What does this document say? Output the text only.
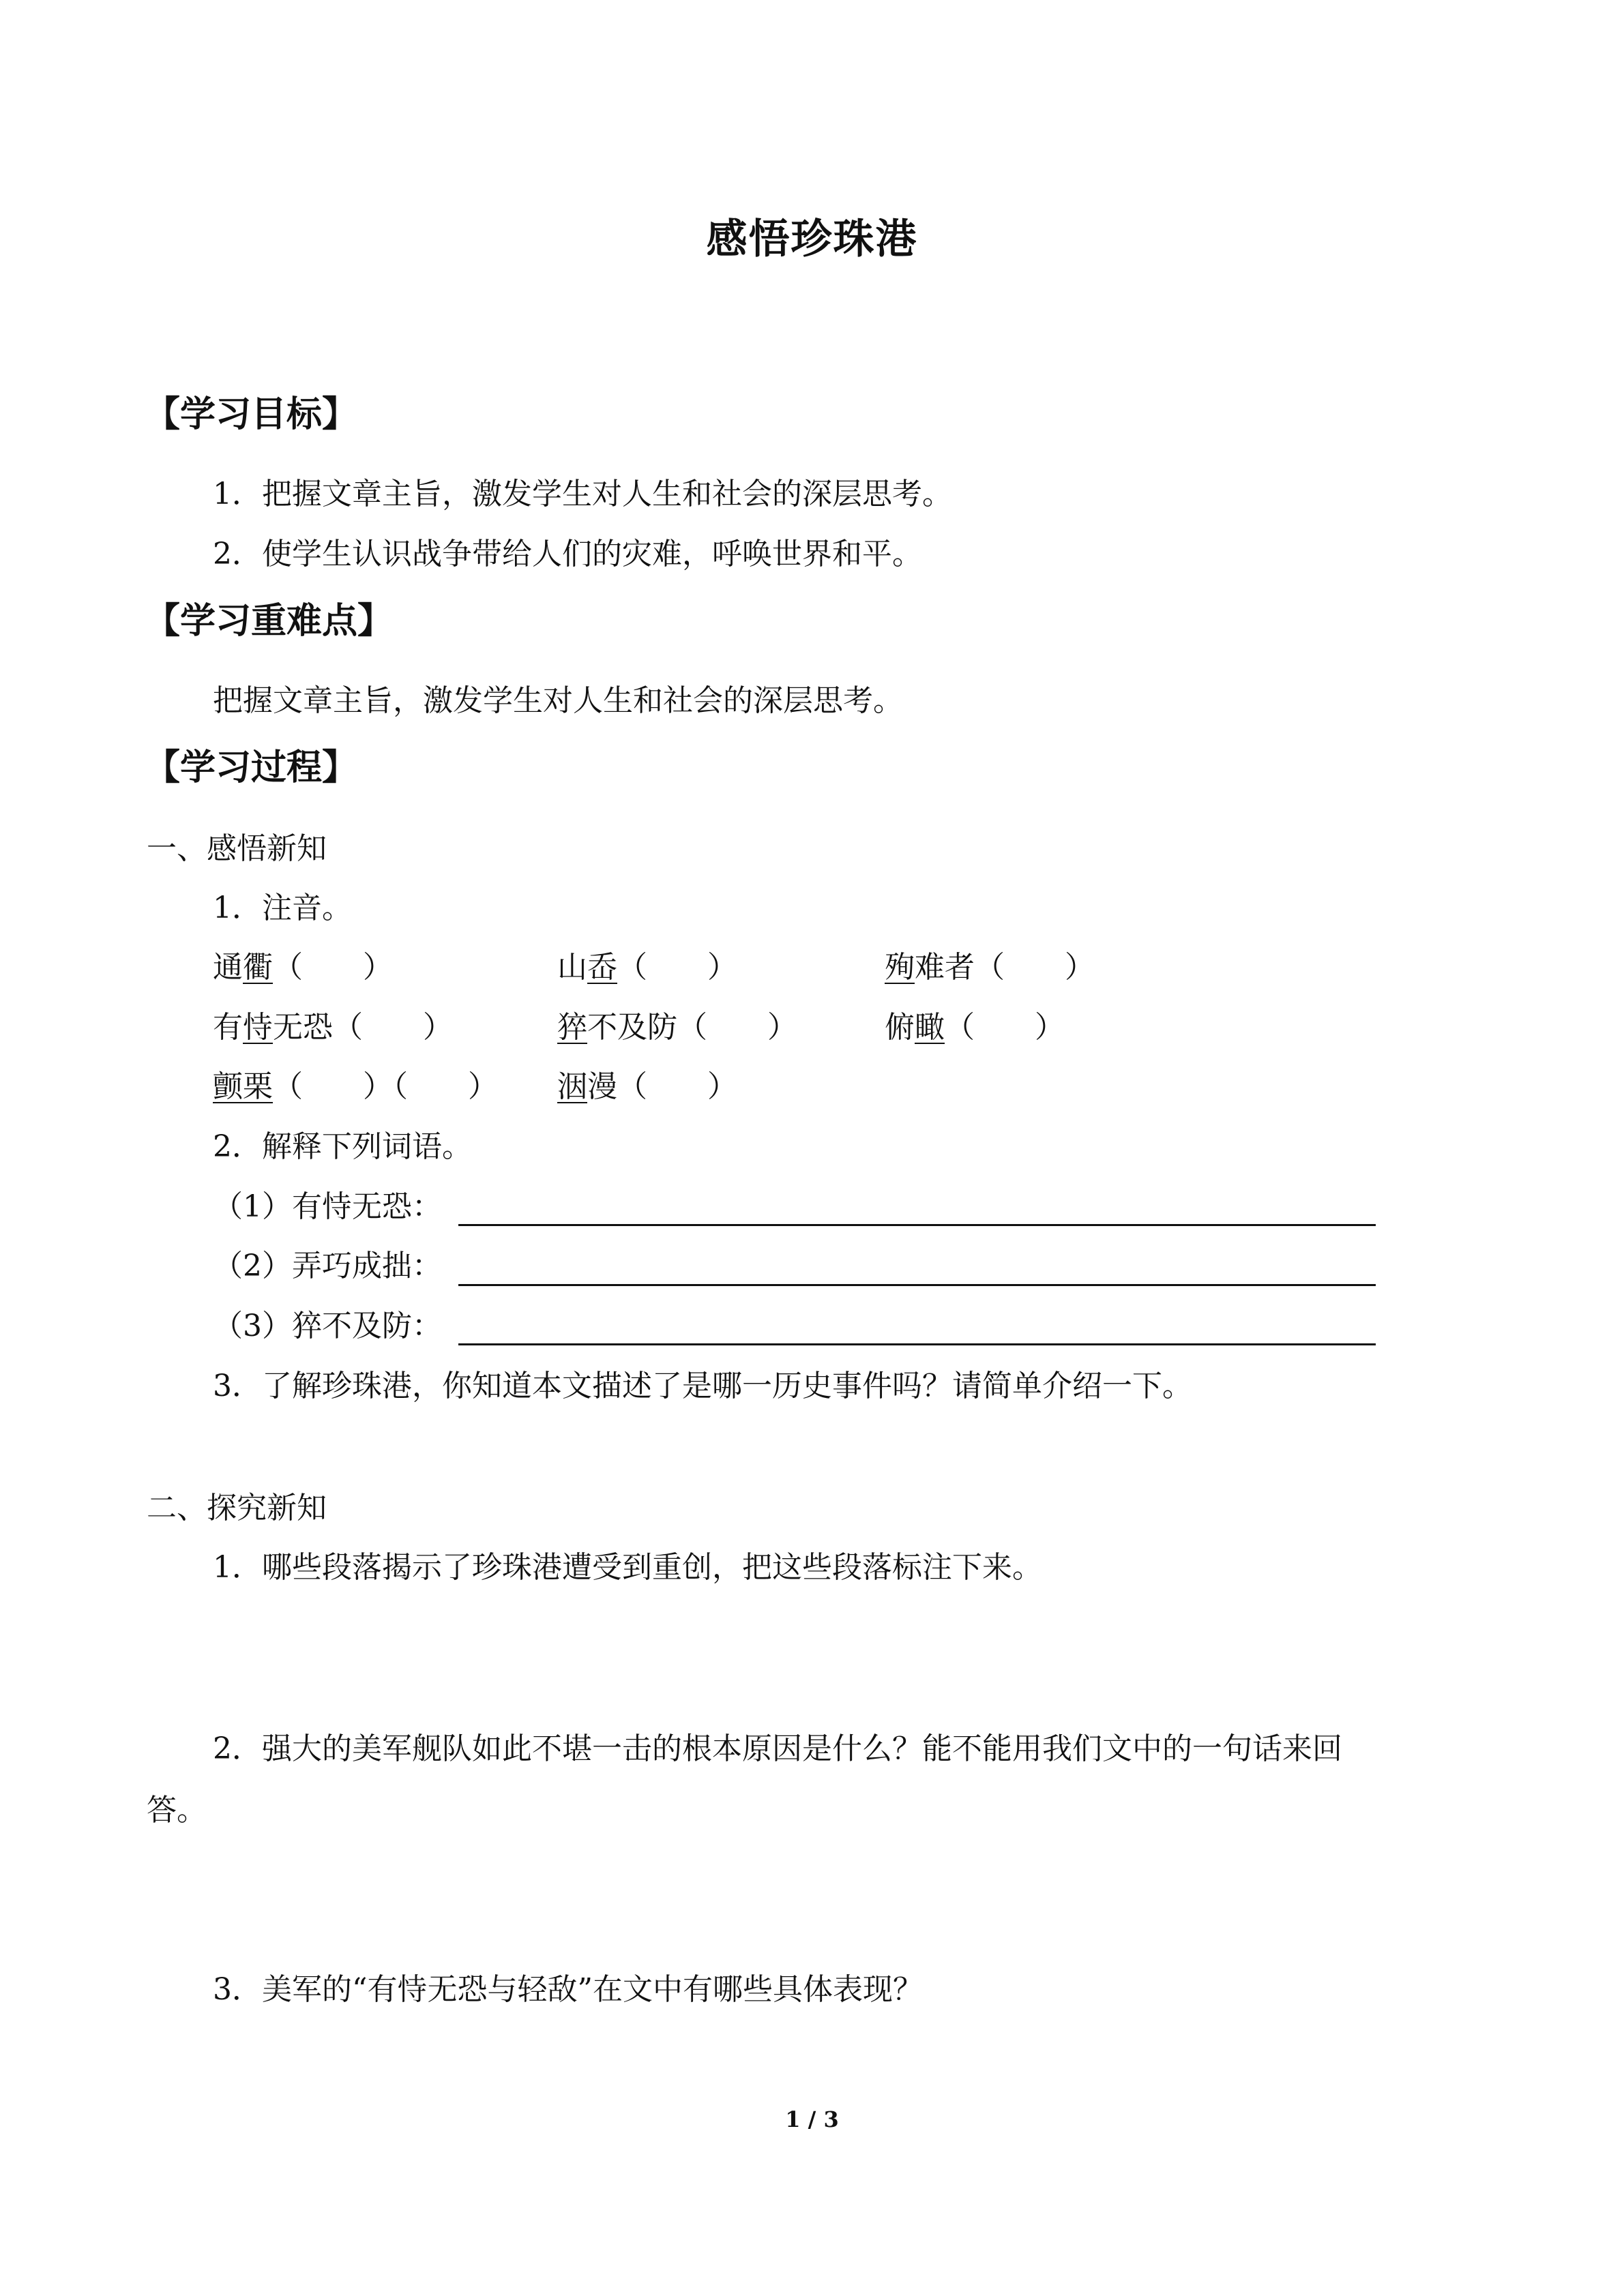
感悟珍珠港
【学习目标】
1．把握文章主旨，激发学生对人生和社会的深层思考。
2．使学生认识战争带给人们的灾难，呼唤世界和平。
【学习重难点】
把握文章主旨，激发学生对人生和社会的深层思考。
【学习过程】
一、感悟新知
1．注音。
通衢（　　）	山岙（　　）	殉难者（　　）
有恃无恐（　　）	猝不及防（　　）	俯瞰（　　）
颤栗（　　）（　　） 洇漫（　　）
2．解释下列词语。
（1）有恃无恐：
（2）弄巧成拙：
（3）猝不及防：
3．了解珍珠港，你知道本文描述了是哪一历史事件吗？请简单介绍一下。
二、探究新知
1．哪些段落揭示了珍珠港遭受到重创，把这些段落标注下来。
2．强大的美军舰队如此不堪一击的根本原因是什么？能不能用我们文中的一句话来回
答。
3．美军的“有恃无恐与轻敌”在文中有哪些具体表现？
1 / 3
